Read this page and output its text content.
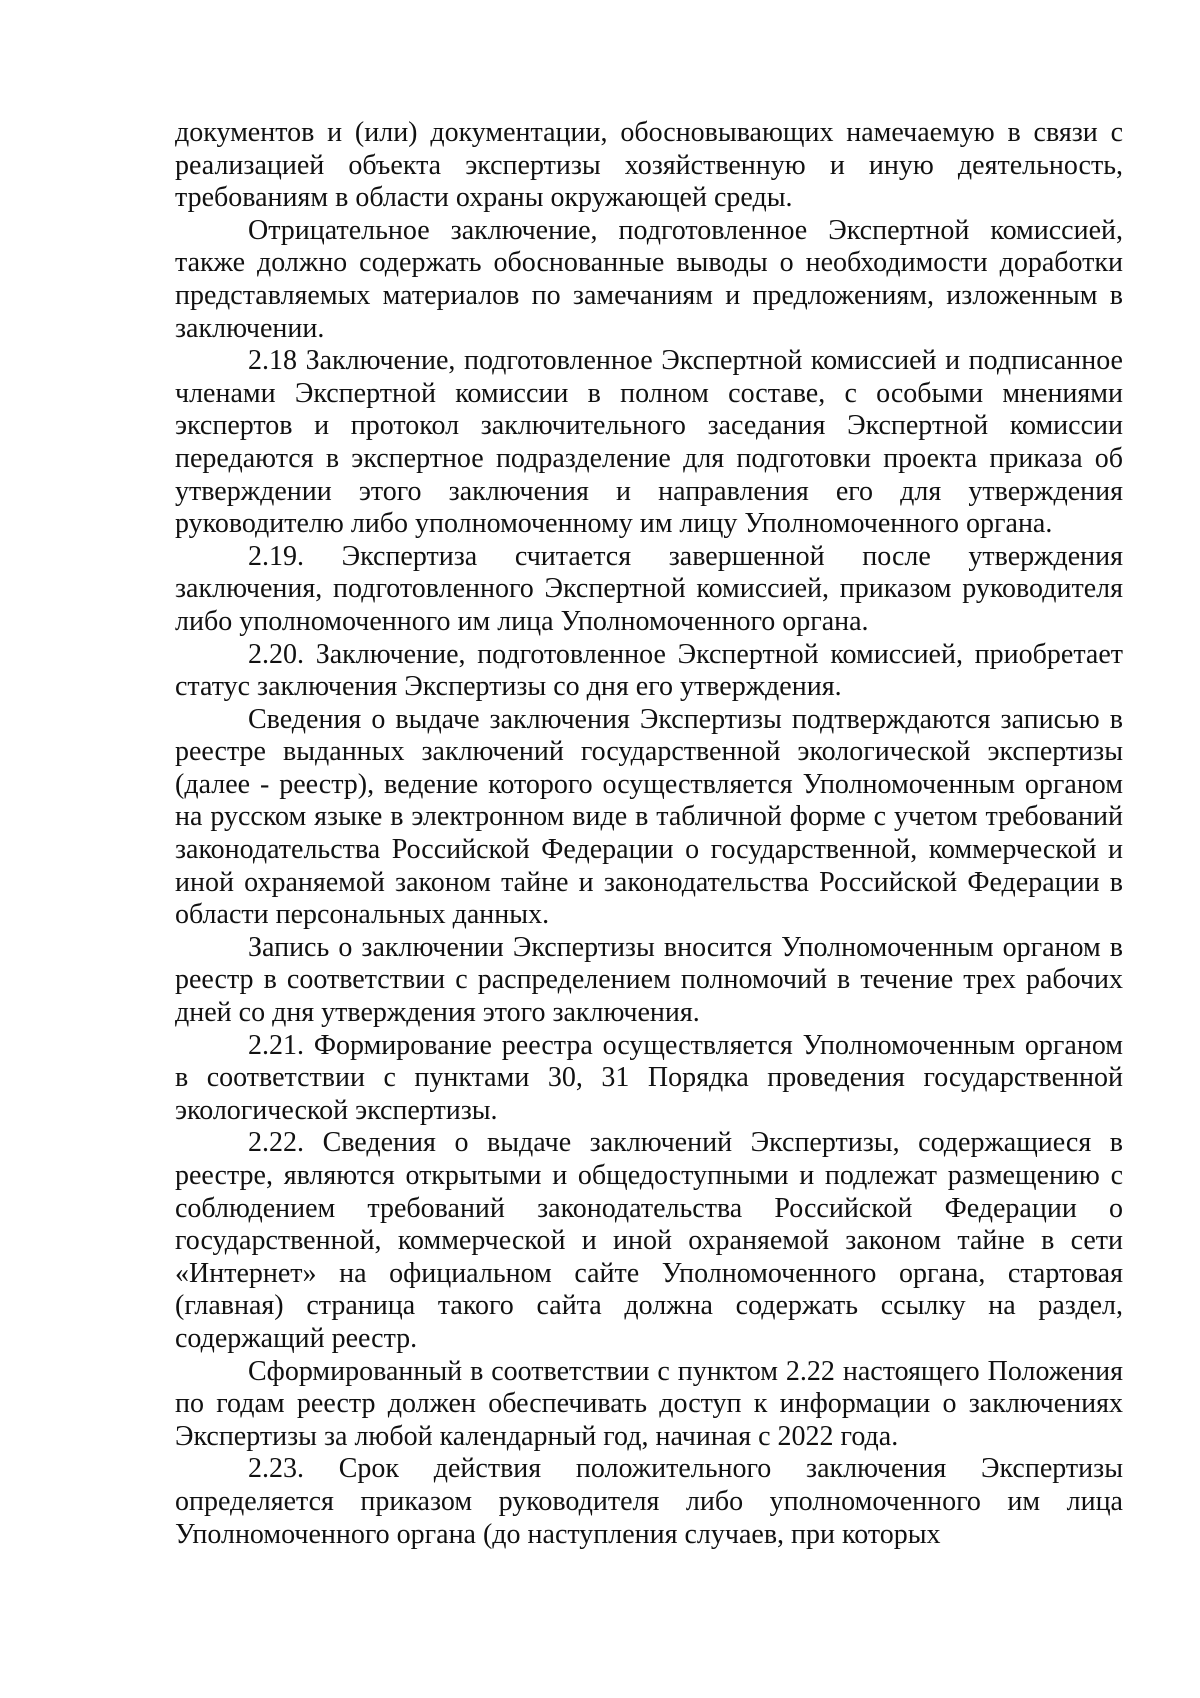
документов и (или) документации, обосновывающих намечаемую в связи с реализацией объекта экспертизы хозяйственную и иную деятельность, требованиям в области охраны окружающей среды.

Отрицательное заключение, подготовленное Экспертной комиссией, также должно содержать обоснованные выводы о необходимости доработки представляемых материалов по замечаниям и предложениям, изложенным в заключении.

2.18 Заключение, подготовленное Экспертной комиссией и подписанное членами Экспертной комиссии в полном составе, с особыми мнениями экспертов и протокол заключительного заседания Экспертной комиссии передаются в экспертное подразделение для подготовки проекта приказа об утверждении этого заключения и направления его для утверждения руководителю либо уполномоченному им лицу Уполномоченного органа.

2.19. Экспертиза считается завершенной после утверждения заключения, подготовленного Экспертной комиссией, приказом руководителя либо уполномоченного им лица Уполномоченного органа.

2.20. Заключение, подготовленное Экспертной комиссией, приобретает статус заключения Экспертизы со дня его утверждения.

Сведения о выдаче заключения Экспертизы подтверждаются записью в реестре выданных заключений государственной экологической экспертизы (далее - реестр), ведение которого осуществляется Уполномоченным органом на русском языке в электронном виде в табличной форме с учетом требований законодательства Российской Федерации о государственной, коммерческой и иной охраняемой законом тайне и законодательства Российской Федерации в области персональных данных.

Запись о заключении Экспертизы вносится Уполномоченным органом в реестр в соответствии с распределением полномочий в течение трех рабочих дней со дня утверждения этого заключения.

2.21. Формирование реестра осуществляется Уполномоченным органом в соответствии с пунктами 30, 31 Порядка проведения государственной экологической экспертизы.

2.22. Сведения о выдаче заключений Экспертизы, содержащиеся в реестре, являются открытыми и общедоступными и подлежат размещению с соблюдением требований законодательства Российской Федерации о государственной, коммерческой и иной охраняемой законом тайне в сети «Интернет» на официальном сайте Уполномоченного органа, стартовая (главная) страница такого сайта должна содержать ссылку на раздел, содержащий реестр.

Сформированный в соответствии с пунктом 2.22 настоящего Положения по годам реестр должен обеспечивать доступ к информации о заключениях Экспертизы за любой календарный год, начиная с 2022 года.

2.23. Срок действия положительного заключения Экспертизы определяется приказом руководителя либо уполномоченного им лица Уполномоченного органа (до наступления случаев, при которых
